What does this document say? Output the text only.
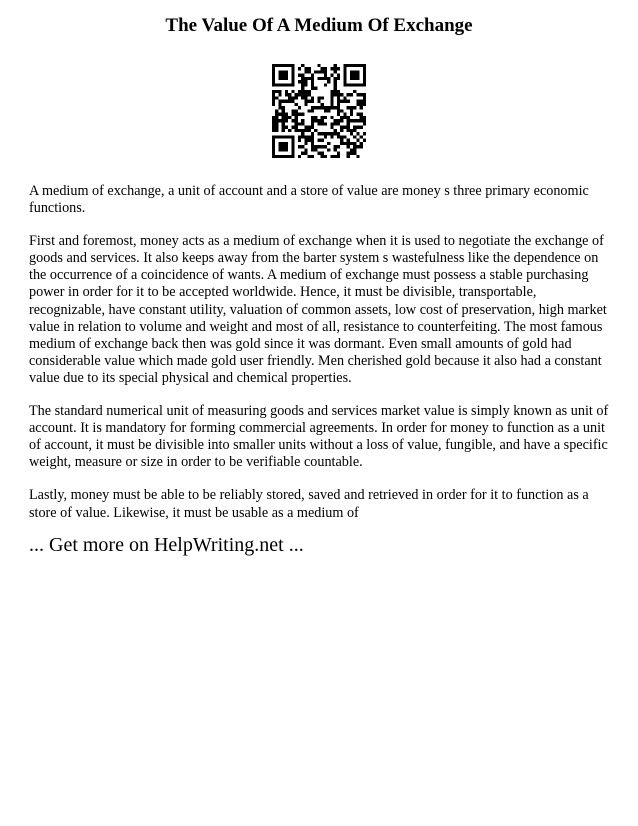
The Value Of A Medium Of Exchange

A medium of exchange, a unit of account and a store of value are money s three primary economic functions.

First and foremost, money acts as a medium of exchange when it is used to negotiate the exchange of goods and services. It also keeps away from the barter system s wastefulness like the dependence on the occurrence of a coincidence of wants. A medium of exchange must possess a stable purchasing power in order for it to be accepted worldwide. Hence, it must be divisible, transportable, recognizable, have constant utility, valuation of common assets, low cost of preservation, high market value in relation to volume and weight and most of all, resistance to counterfeiting. The most famous medium of exchange back then was gold since it was dormant. Even small amounts of gold had considerable value which made gold user friendly. Men cherished gold because it also had a constant value due to its special physical and chemical properties.

The standard numerical unit of measuring goods and services market value is simply known as unit of account. It is mandatory for forming commercial agreements. In order for money to function as a unit of account, it must be divisible into smaller units without a loss of value, fungible, and have a specific weight, measure or size in order to be verifiable countable.

Lastly, money must be able to be reliably stored, saved and retrieved in order for it to function as a store of value. Likewise, it must be usable as a medium of

... Get more on HelpWriting.net ...
